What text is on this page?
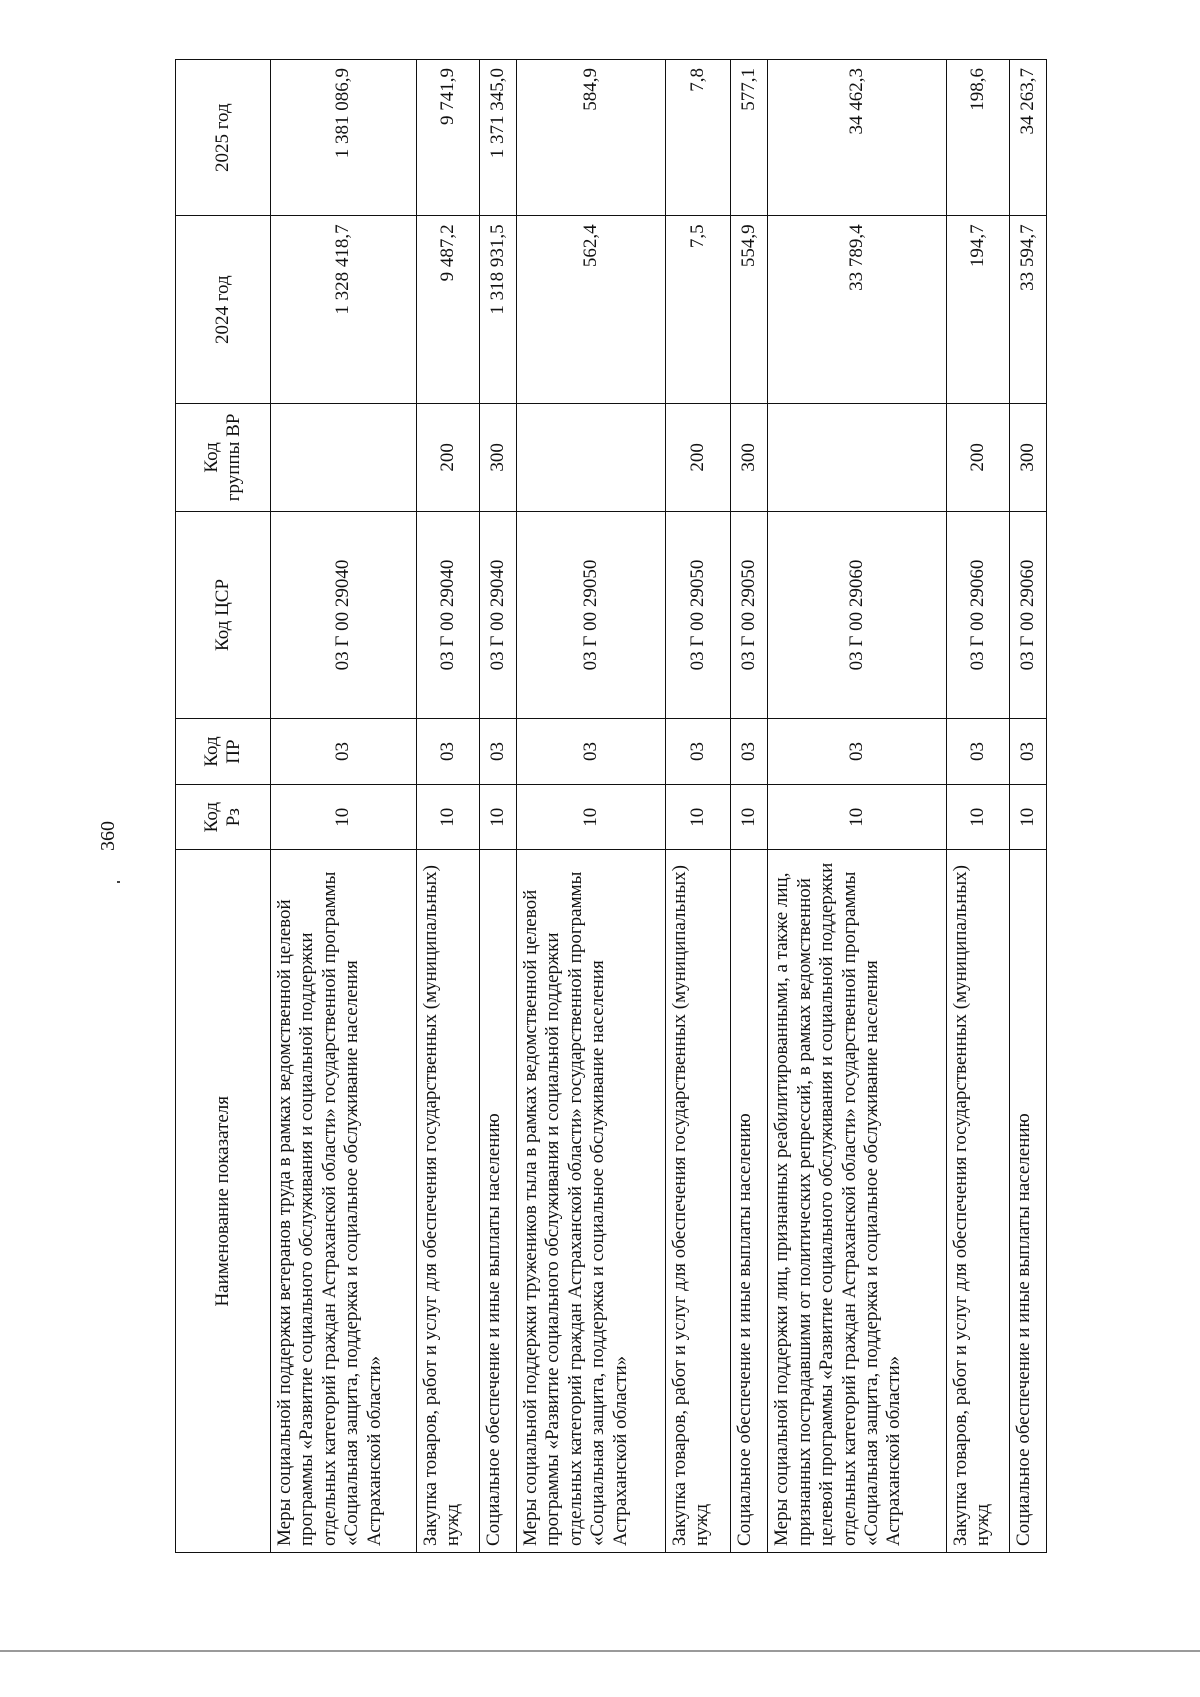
360
Наименование показателя	Код Рз	Код ПР	Код ЦСР	Код группы ВР	2024 год	2025 год
Меры социальной поддержки ветеранов труда в рамках ведомственной целевой программы «Развитие социального обслуживания и социальной поддержки отдельных категорий граждан Астраханской области» государственной программы «Социальная защита, поддержка и социальное обслуживание населения Астраханской области»	10	03	03 Г 00 29040		1 328 418,7	1 381 086,9
Закупка товаров, работ и услуг для обеспечения государственных (муниципальных) нужд	10	03	03 Г 00 29040	200	9 487,2	9 741,9
Социальное обеспечение и иные выплаты населению	10	03	03 Г 00 29040	300	1 318 931,5	1 371 345,0
Меры социальной поддержки тружеников тыла в рамках ведомственной целевой программы «Развитие социального обслуживания и социальной поддержки отдельных категорий граждан Астраханской области» государственной программы «Социальная защита, поддержка и социальное обслуживание населения Астраханской области»	10	03	03 Г 00 29050		562,4	584,9
Закупка товаров, работ и услуг для обеспечения государственных (муниципальных) нужд	10	03	03 Г 00 29050	200	7,5	7,8
Социальное обеспечение и иные выплаты населению	10	03	03 Г 00 29050	300	554,9	577,1
Меры социальной поддержки лиц, признанных реабилитированными, а также лиц, признанных пострадавшими от политических репрессий, в рамках ведомственной целевой программы «Развитие социального обслуживания и социальной поддержки отдельных категорий граждан Астраханской области» государственной программы «Социальная защита, поддержка и социальное обслуживание населения Астраханской области»	10	03	03 Г 00 29060		33 789,4	34 462,3
Закупка товаров, работ и услуг для обеспечения государственных (муниципальных) нужд	10	03	03 Г 00 29060	200	194,7	198,6
Социальное обеспечение и иные выплаты населению	10	03	03 Г 00 29060	300	33 594,7	34 263,7
